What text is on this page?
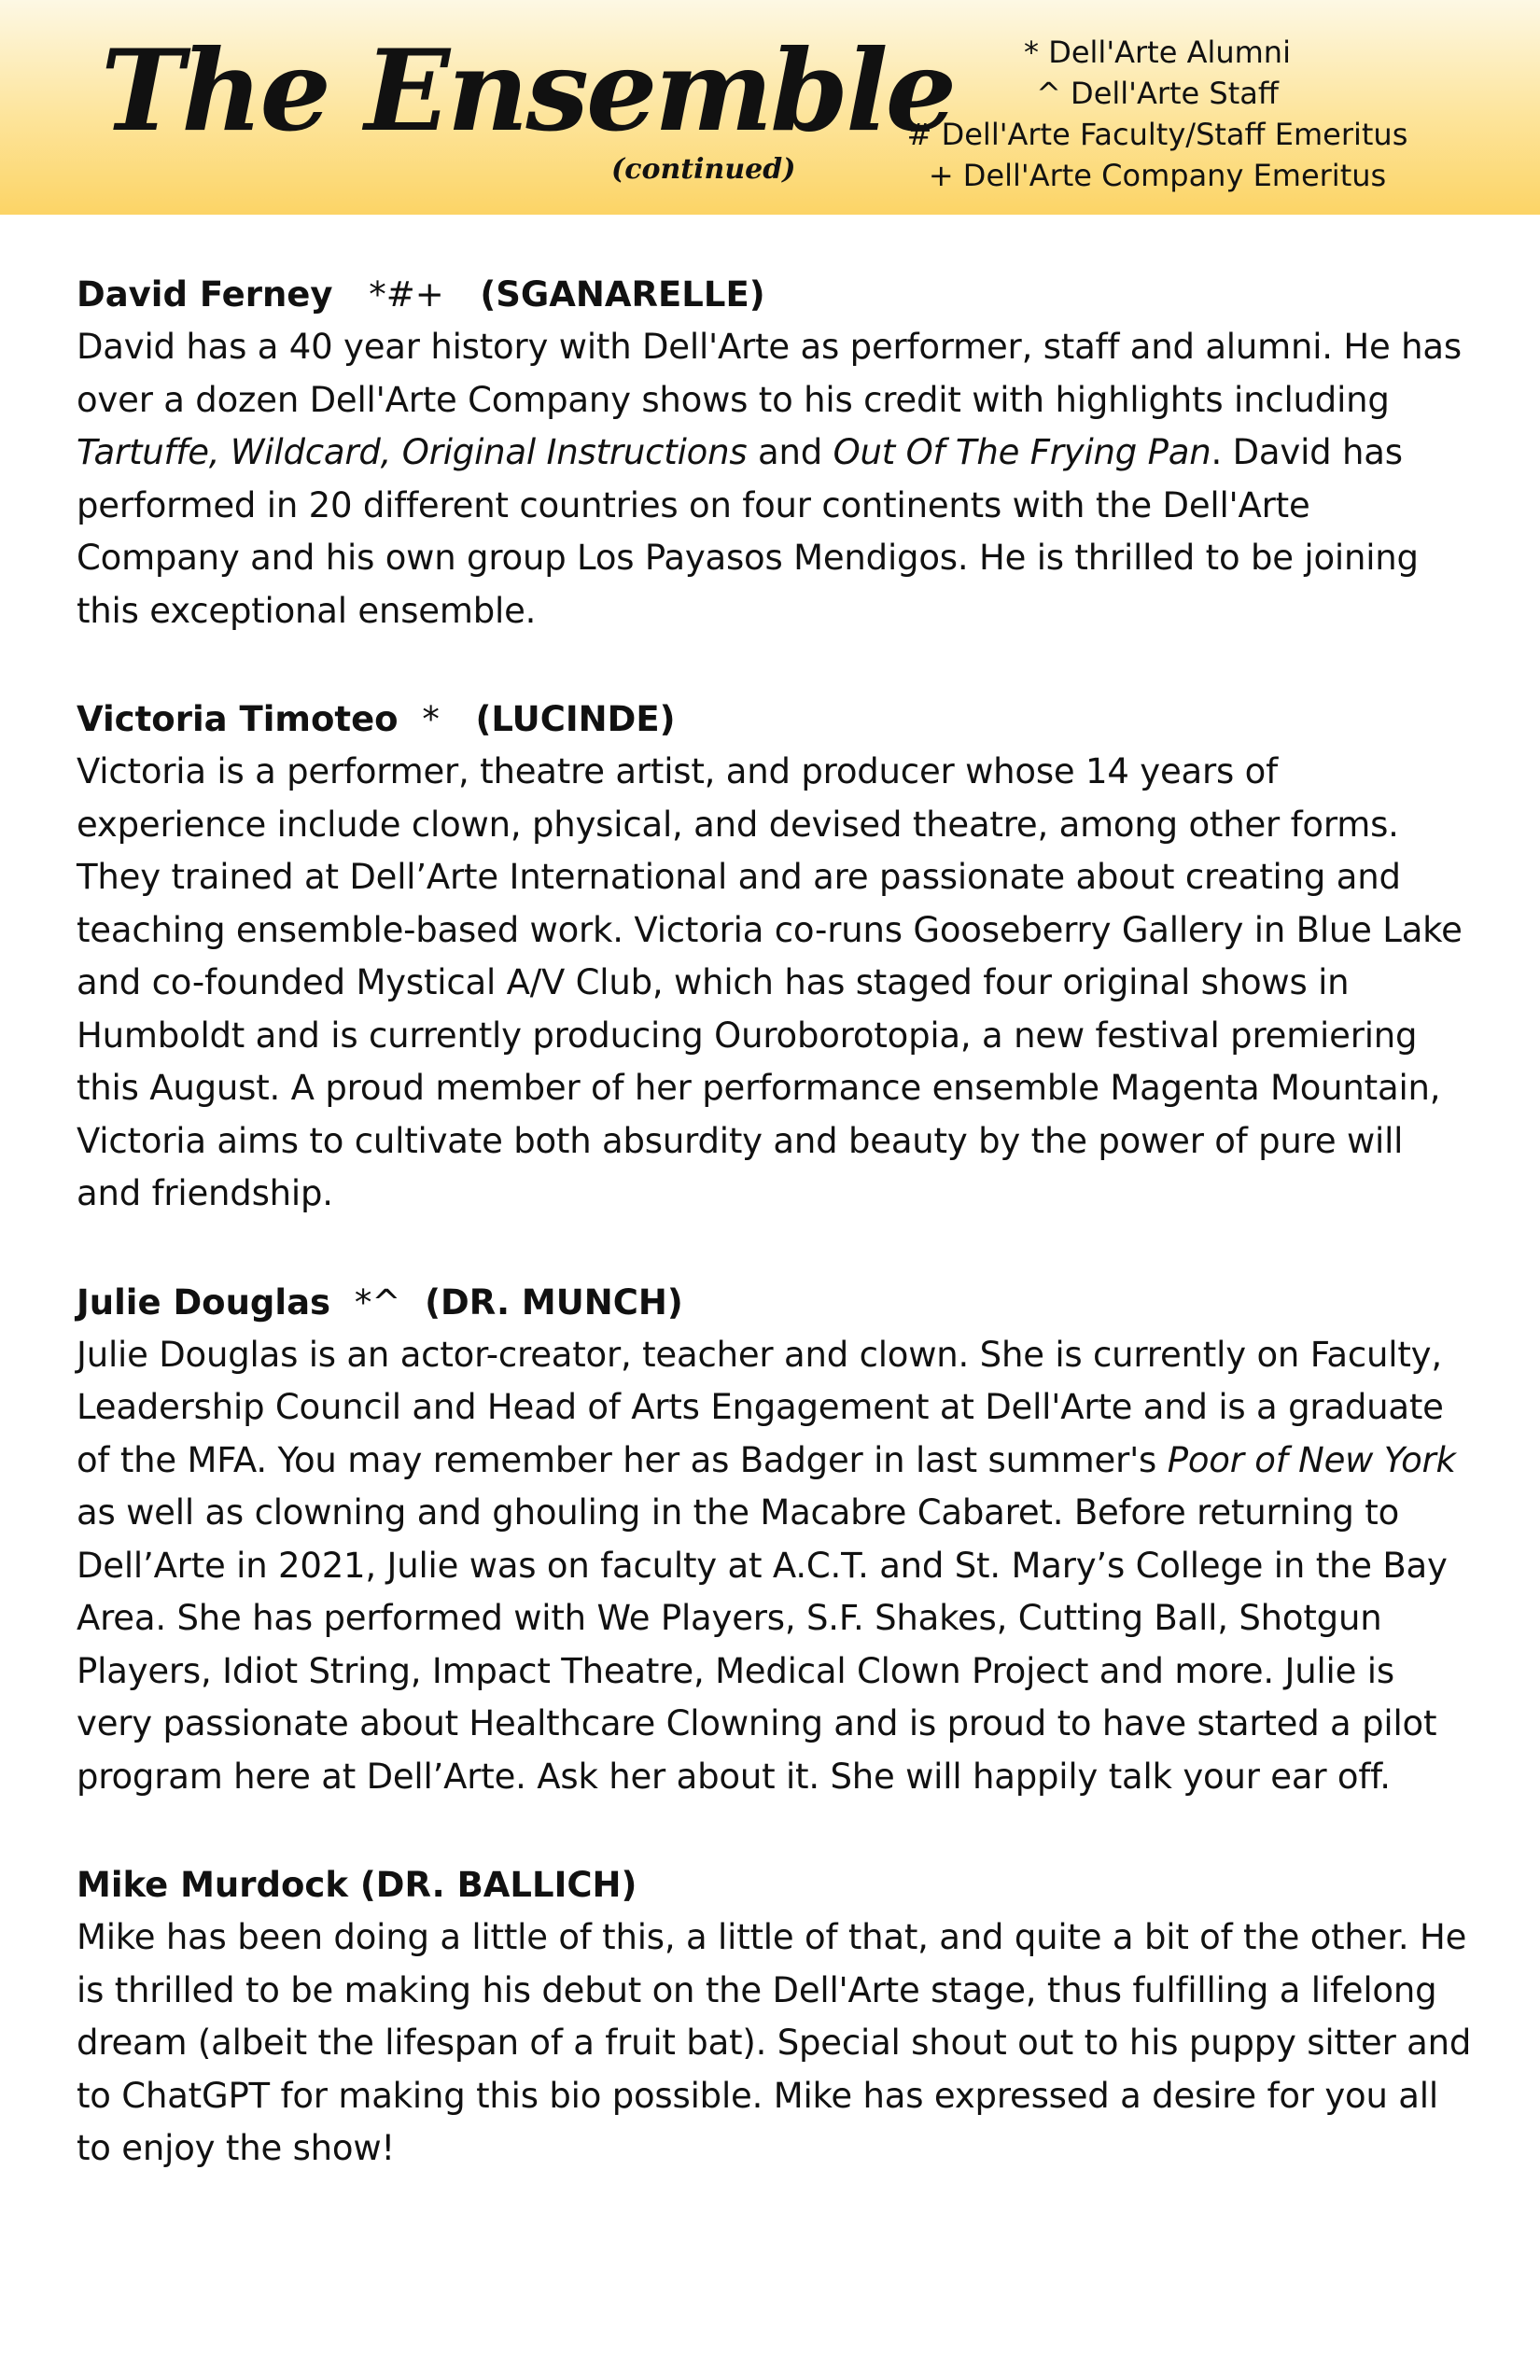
The Ensemble
(continued)
* Dell'Arte Alumni
^ Dell'Arte Staff
# Dell'Arte Faculty/Staff Emeritus
+ Dell'Arte Company Emeritus
David Ferney *#+ (SGANARELLE)
David has a 40 year history with Dell'Arte as performer, staff and alumni. He has over a dozen Dell'Arte Company shows to his credit with highlights including Tartuffe, Wildcard, Original Instructions and Out Of The Frying Pan. David has performed in 20 different countries on four continents with the Dell'Arte Company and his own group Los Payasos Mendigos. He is thrilled to be joining this exceptional ensemble.
Victoria Timoteo * (LUCINDE)
Victoria is a performer, theatre artist, and producer whose 14 years of experience include clown, physical, and devised theatre, among other forms. They trained at Dell’Arte International and are passionate about creating and teaching ensemble-based work. Victoria co-runs Gooseberry Gallery in Blue Lake and co-founded Mystical A/V Club, which has staged four original shows in Humboldt and is currently producing Ouroborotopia, a new festival premiering this August. A proud member of her performance ensemble Magenta Mountain, Victoria aims to cultivate both absurdity and beauty by the power of pure will and friendship.
Julie Douglas *^ (DR. MUNCH)
Julie Douglas is an actor-creator, teacher and clown. She is currently on Faculty, Leadership Council and Head of Arts Engagement at Dell'Arte and is a graduate of the MFA. You may remember her as Badger in last summer's Poor of New York as well as clowning and ghouling in the Macabre Cabaret. Before returning to Dell’Arte in 2021, Julie was on faculty at A.C.T. and St. Mary’s College in the Bay Area. She has performed with We Players, S.F. Shakes, Cutting Ball, Shotgun Players, Idiot String, Impact Theatre, Medical Clown Project and more. Julie is very passionate about Healthcare Clowning and is proud to have started a pilot program here at Dell’Arte. Ask her about it. She will happily talk your ear off.
Mike Murdock (DR. BALLICH)
Mike has been doing a little of this, a little of that, and quite a bit of the other. He is thrilled to be making his debut on the Dell'Arte stage, thus fulfilling a lifelong dream (albeit the lifespan of a fruit bat). Special shout out to his puppy sitter and to ChatGPT for making this bio possible. Mike has expressed a desire for you all to enjoy the show!
